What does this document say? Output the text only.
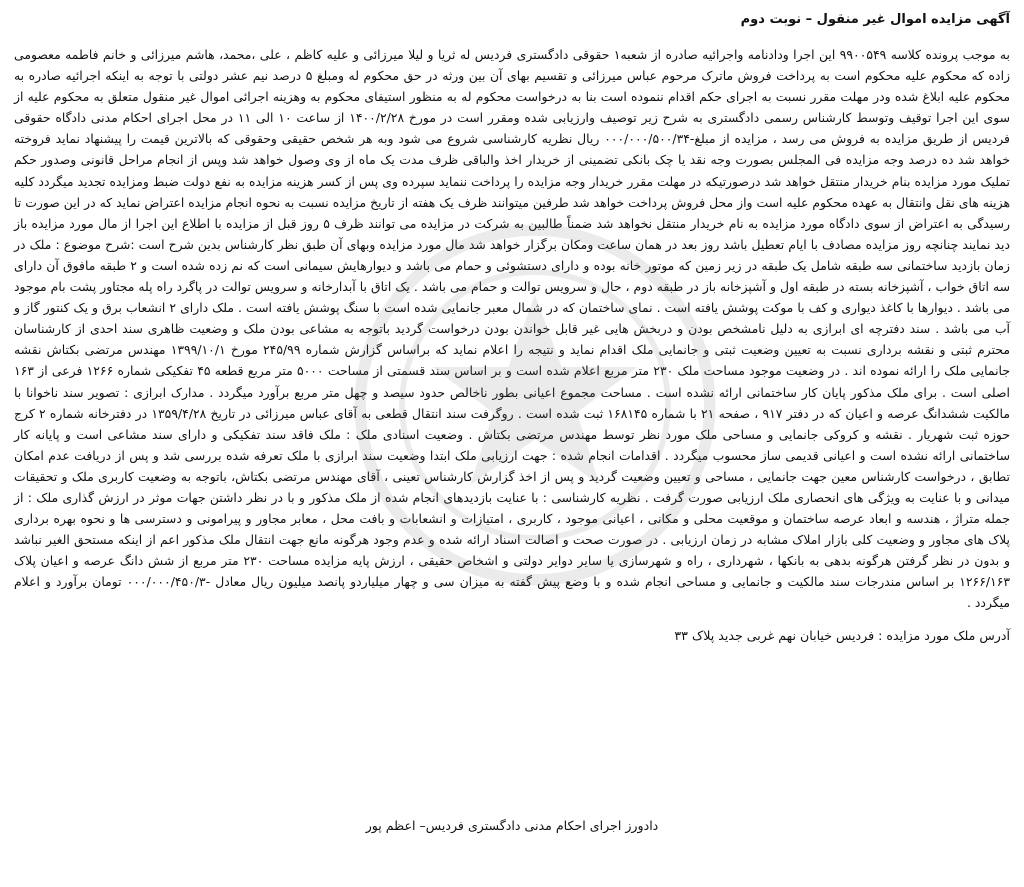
آگهی مزایده اموال غیر منقول – نوبت دوم

به موجب پرونده کلاسه ۹۹۰۰۵۴۹ این اجرا ودادنامه واجرائیه صادره از شعبه۱ حقوقی دادگستری فردیس له ثریا و لیلا میرزائی و علیه کاظم ، علی ،محمد، هاشم میرزائی و خانم فاطمه معصومی زاده که محکوم علیه محکوم است به پرداخت فروش ماترک مرحوم عباس میرزائی و تقسیم بهای آن بین ورثه در حق محکوم له ومبلغ ۵ درصد نیم عشر دولتی با توجه به اینکه اجرائیه صادره به محکوم علیه ابلاغ شده ودر مهلت مقرر نسبت به اجرای حکم اقدام ننموده است بنا به درخواست محکوم له به منظور استیفای محکوم به وهزینه اجرائی اموال غیر منقول متعلق به محکوم علیه از سوی این اجرا توقیف وتوسط کارشناس رسمی دادگستری به شرح زیر توصیف وارزیابی شده ومقرر است در مورخ ۱۴۰۰/۲/۲۸ از ساعت ۱۰ الی ۱۱ در محل اجرای احکام مدنی دادگاه حقوقی فردیس از طریق مزایده به فروش می رسد ، مزایده از مبلغ-۰۰۰/۰۰۰/۵۰۰/۳۴ ریال نظریه کارشناسی شروع می شود وبه هر شخص حقیقی وحقوقی که بالاترین قیمت را پیشنهاد نماید فروخته خواهد شد ده درصد وجه مزایده فی المجلس بصورت وجه نقد یا چک بانکی تضمینی از خریدار اخذ والباقی ظرف مدت یک ماه از وی وصول خواهد شد وپس از انجام مراحل قانونی وصدور حکم تملیک مورد مزایده بنام خریدار منتقل خواهد شد درصورتیکه در مهلت مقرر خریدار وجه مزایده را پرداخت ننماید سپرده وی پس از کسر هزینه مزایده به نفع دولت ضبط ومزایده تجدید میگردد کلیه هزینه های نقل وانتقال به عهده محکوم علیه است واز محل فروش پرداخت خواهد شد طرفین میتوانند ظرف یک هفته از تاریخ مزایده نسبت به نحوه انجام مزایده اعتراض نماید که در این صورت تا رسیدگی به اعتراض از سوی دادگاه مورد مزایده به نام خریدار منتقل نخواهد شد ضمناً طالبین به شرکت در مزایده می توانند ظرف ۵ روز قبل از مزایده با اطلاع این اجرا از مال مورد مزایده باز دید نمایند چنانچه روز مزایده مصادف با ایام تعطیل باشد روز بعد در همان ساعت ومکان برگزار خواهد شد مال مورد مزایده وبهای آن طبق نظر کارشناس بدین شرح است :شرح موضوع : ملک در زمان بازدید ساختمانی سه طبقه شامل یک طبقه در زیر زمین که موتور خانه بوده و دارای دستشوئی و حمام می باشد و دیوارهایش سیمانی است که نم زده شده است و ۲ طبقه مافوق آن دارای سه اتاق خواب ، آشپزخانه بسته در طبقه اول و آشپزخانه باز در طبقه دوم ، حال و سرویس توالت و حمام می باشد . یک اتاق با آبدارخانه و سرویس توالت در پاگرد راه پله مجتاور پشت بام موجود می باشد . دیوارها با کاغذ دیواری و کف با موکت پوشش یافته است . نمای ساختمان که در شمال معبر جانمایی شده است با سنگ پوشش یافته است . ملک دارای ۲ انشعاب برق و یک کنتور گاز و آب می باشد . سند دفترچه ای ابرازی به دلیل نامشخص بودن و دربخش هایی غیر قابل خواندن بودن درخواست گردید باتوجه به مشاعی بودن ملک و وضعیت ظاهری سند احدی از کارشناسان محترم ثبتی و نقشه برداری نسبت به تعیین وضعیت ثبتی و جانمایی ملک اقدام نماید و نتیجه را اعلام نماید که براساس گزارش شماره ۲۴۵/۹۹ مورخ ۱۳۹۹/۱۰/۱ مهندس مرتضی بکتاش نقشه جانمایی ملک را ارائه نموده اند . در وضعیت موجود مساحت ملک ۲۳۰ متر مربع اعلام شده است و بر اساس سند قسمتی از مساحت ۵۰۰۰ متر مربع قطعه ۴۵ تفکیکی شماره ۱۲۶۶ فرعی از ۱۶۳ اصلی است . برای ملک مذکور پایان کار ساختمانی ارائه نشده است . مساحت مجموع اعیانی بطور ناخالص حدود سیصد و چهل متر مربع برآورد میگردد . مدارک ابرازی : تصویر سند ناخوانا با مالکیت ششدانگ عرصه و اعیان که در دفتر ۹۱۷ ، صفحه ۲۱ با شماره ۱۶۸۱۴۵ ثبت شده است . روگرفت سند انتقال قطعی به آقای عباس میرزائی در تاریخ ۱۳۵۹/۴/۲۸ در دفترخانه شماره ۲ کرج حوزه ثبت شهریار . نقشه و کروکی جانمایی و مساحی ملک مورد نظر توسط مهندس مرتضی بکتاش . وضعیت اسنادی ملک : ملک فاقد سند تفکیکی و دارای سند مشاعی است و پایانه کار ساختمانی ارائه نشده است و اعیانی قدیمی ساز محسوب میگردد . اقدامات انجام شده : جهت ارزیابی ملک ابتدا وضعیت سند ابرازی با ملک تعرفه شده بررسی شد و پس از دریافت عدم امکان تطابق ، درخواست کارشناس معین جهت جانمایی ، مساحی و تعیین وضعیت گردید و پس از اخذ گزارش کارشناس تعینی ، آقای مهندس مرتضی بکتاش، باتوجه به وضعیت کاربری ملک و تحقیقات میدانی و با عنایت به ویژگی های انحصاری ملک ارزیابی صورت گرفت . نظریه کارشناسی : با عنایت بازدیدهای انجام شده از ملک مذکور و با در نظر داشتن جهات موثر در ارزش گذاری ملک : از جمله متراژ ، هندسه و ابعاد عرصه ساختمان و موقعیت محلی و مکانی ، اعیانی موجود ، کاربری ، امتیازات و انشعابات و بافت محل ، معابر مجاور و پیرامونی و دسترسی ها و نحوه بهره برداری پلاک های مجاور و وضعیت کلی بازار املاک مشابه در زمان ارزیابی . در صورت صحت و اصالت اسناد ارائه شده و عدم وجود هرگونه مانع جهت انتقال ملک مذکور اعم از اینکه مستحق الغیر نباشد و بدون در نظر گرفتن هرگونه بدهی به بانکها ، شهرداری ، راه و شهرسازی یا سایر دوایر دولتی و اشخاص حقیقی ، ارزش پایه مزایده مساحت ۲۳۰ متر مربع از شش دانگ عرصه و اعیان پلاک ۱۲۶۶/۱۶۳ بر اساس مندرجات سند مالکیت و جانمایی و مساحی انجام شده و با وضع پیش گفته به میزان سی و چهار میلیاردو پانصد میلیون ریال معادل -۰۰۰/۰۰۰/۴۵۰/۳ تومان برآورد و اعلام میگردد .

آدرس ملک مورد مزایده : فردیس خیابان نهم غربی جدید پلاک ۳۳
دادورز اجرای احکام مدنی دادگستری فردیس– اعظم پور
